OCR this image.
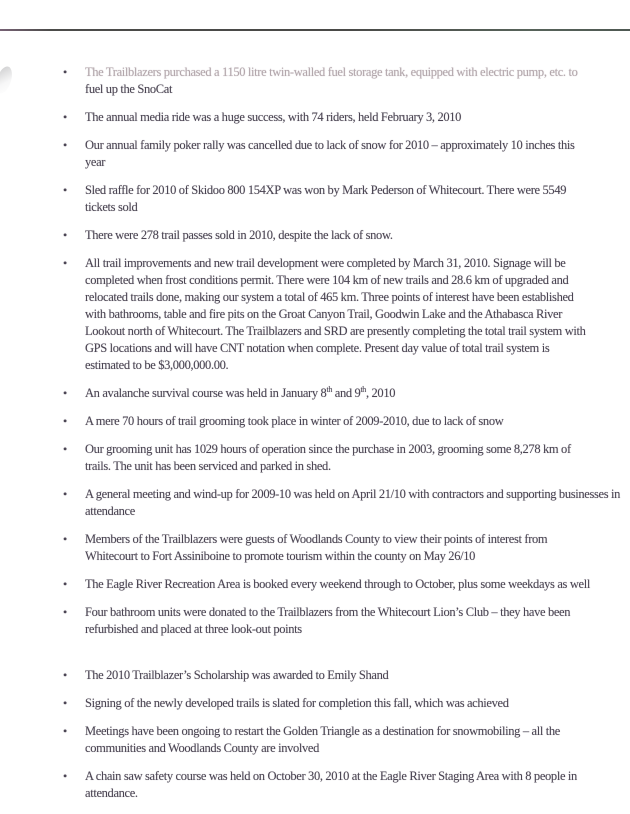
•	The Trailblazers purchased a 1150 litre twin-walled fuel storage tank, equipped with electric pump, etc. to
fuel up the SnoCat
•	The annual media ride was a huge success, with 74 riders, held February 3, 2010
•	Our annual family poker rally was cancelled due to lack of snow for 2010 – approximately 10 inches this
year
•	Sled raffle for 2010 of Skidoo 800 154XP was won by Mark Pederson of Whitecourt. There were 5549
tickets sold
•	There were 278 trail passes sold in 2010, despite the lack of snow.
•	All trail improvements and new trail development were completed by March 31, 2010. Signage will be
completed when frost conditions permit. There were 104 km of new trails and 28.6 km of upgraded and
relocated trails done, making our system a total of 465 km. Three points of interest have been established
with bathrooms, table and fire pits on the Groat Canyon Trail, Goodwin Lake and the Athabasca River
Lookout north of Whitecourt. The Trailblazers and SRD are presently completing the total trail system with
GPS locations and will have CNT notation when complete. Present day value of total trail system is
estimated to be $3,000,000.00.
•	An avalanche survival course was held in January 8th and 9th, 2010
•	A mere 70 hours of trail grooming took place in winter of 2009-2010, due to lack of snow
•	Our grooming unit has 1029 hours of operation since the purchase in 2003, grooming some 8,278 km of
trails. The unit has been serviced and parked in shed.
•	A general meeting and wind-up for 2009-10 was held on April 21/10 with contractors and supporting businesses in
attendance
•	Members of the Trailblazers were guests of Woodlands County to view their points of interest from
Whitecourt to Fort Assiniboine to promote tourism within the county on May 26/10
•	The Eagle River Recreation Area is booked every weekend through to October, plus some weekdays as well
•	Four bathroom units were donated to the Trailblazers from the Whitecourt Lion’s Club – they have been
refurbished and placed at three look-out points
•	The 2010 Trailblazer’s Scholarship was awarded to Emily Shand
•	Signing of the newly developed trails is slated for completion this fall, which was achieved
•	Meetings have been ongoing to restart the Golden Triangle as a destination for snowmobiling – all the
communities and Woodlands County are involved
•	A chain saw safety course was held on October 30, 2010 at the Eagle River Staging Area with 8 people in
attendance.
